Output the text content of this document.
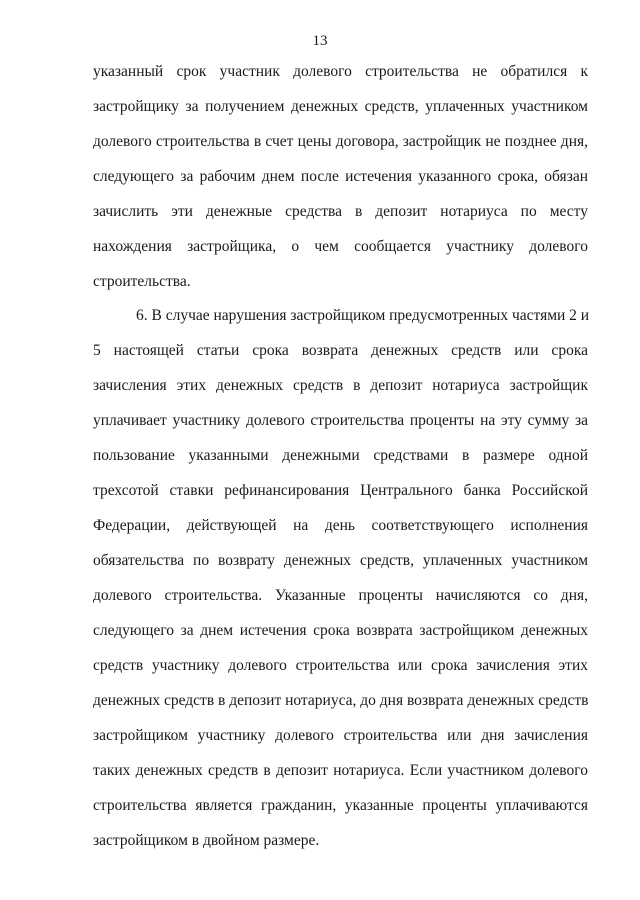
13
указанный срок участник долевого строительства не обратился к
застройщику за получением денежных средств, уплаченных участником
долевого строительства в счет цены договора, застройщик не позднее дня,
следующего за рабочим днем после истечения указанного срока, обязан
зачислить эти денежные средства в депозит нотариуса по месту
нахождения застройщика, о чем сообщается участнику долевого
строительства.
6. В случае нарушения застройщиком предусмотренных частями 2 и
5 настоящей статьи срока возврата денежных средств или срока
зачисления этих денежных средств в депозит нотариуса застройщик
уплачивает участнику долевого строительства проценты на эту сумму за
пользование указанными денежными средствами в размере одной
трехсотой ставки рефинансирования Центрального банка Российской
Федерации, действующей на день соответствующего исполнения
обязательства по возврату денежных средств, уплаченных участником
долевого строительства. Указанные проценты начисляются со дня,
следующего за днем истечения срока возврата застройщиком денежных
средств участнику долевого строительства или срока зачисления этих
денежных средств в депозит нотариуса, до дня возврата денежных средств
застройщиком участнику долевого строительства или дня зачисления
таких денежных средств в депозит нотариуса. Если участником долевого
строительства является гражданин, указанные проценты уплачиваются
застройщиком в двойном размере.
